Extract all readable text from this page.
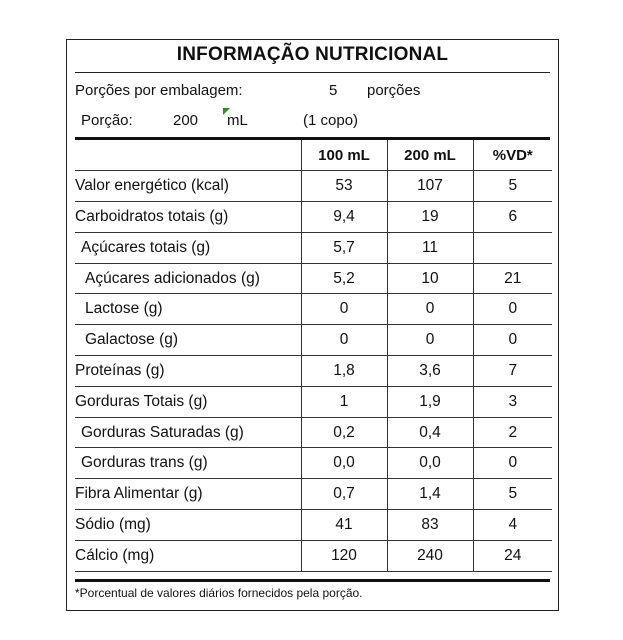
INFORMAÇÃO NUTRICIONAL
Porções por embalagem:	5 porções
Porção:	200 mL	(1 copo)
	100 mL	200 mL	%VD*
Valor energético (kcal)	53	107	5
Carboidratos totais (g)	9,4	19	6
Açúcares totais (g)	5,7	11	
Açúcares adicionados (g)	5,2	10	21
Lactose (g)	0	0	0
Galactose (g)	0	0	0
Proteínas (g)	1,8	3,6	7
Gorduras Totais (g)	1	1,9	3
Gorduras Saturadas (g)	0,2	0,4	2
Gorduras trans (g)	0,0	0,0	0
Fibra Alimentar (g)	0,7	1,4	5
Sódio (mg)	41	83	4
Cálcio (mg)	120	240	24
*Porcentual de valores diários fornecidos pela porção.
